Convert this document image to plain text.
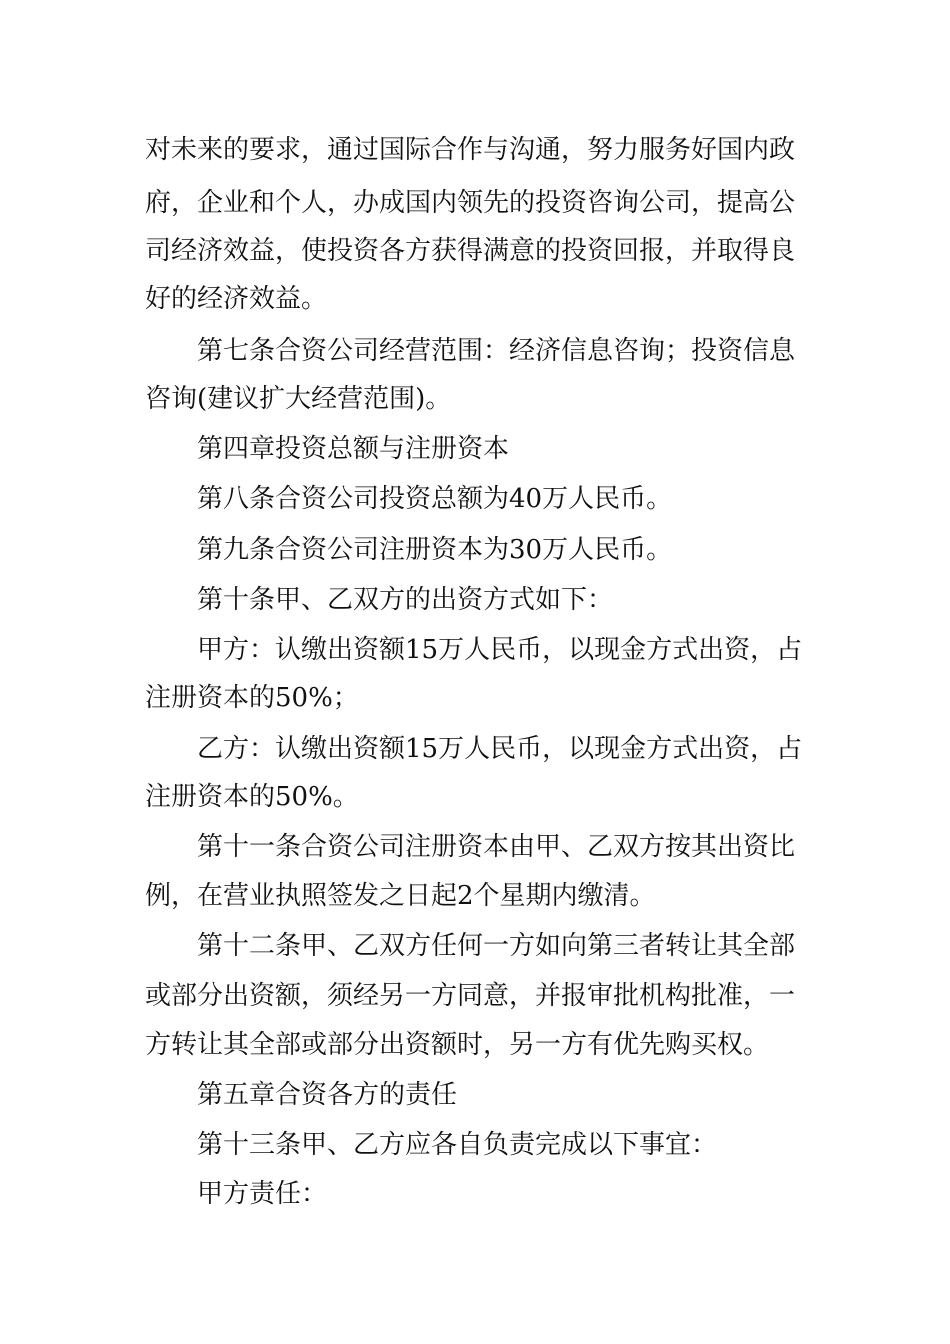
对未来的要求，通过国际合作与沟通，努力服务好国内政
府，企业和个人，办成国内领先的投资咨询公司，提高公
司经济效益，使投资各方获得满意的投资回报，并取得良
好的经济效益。
第七条合资公司经营范围：经济信息咨询；投资信息
咨询(建议扩大经营范围)。
第四章投资总额与注册资本
第八条合资公司投资总额为40万人民币。
第九条合资公司注册资本为30万人民币。
第十条甲、乙双方的出资方式如下：
甲方：认缴出资额15万人民币，以现金方式出资，占
注册资本的50%；
乙方：认缴出资额15万人民币，以现金方式出资，占
注册资本的50%。
第十一条合资公司注册资本由甲、乙双方按其出资比
例，在营业执照签发之日起2个星期内缴清。
第十二条甲、乙双方任何一方如向第三者转让其全部
或部分出资额，须经另一方同意，并报审批机构批准，一
方转让其全部或部分出资额时，另一方有优先购买权。
第五章合资各方的责任
第十三条甲、乙方应各自负责完成以下事宜：
甲方责任：
